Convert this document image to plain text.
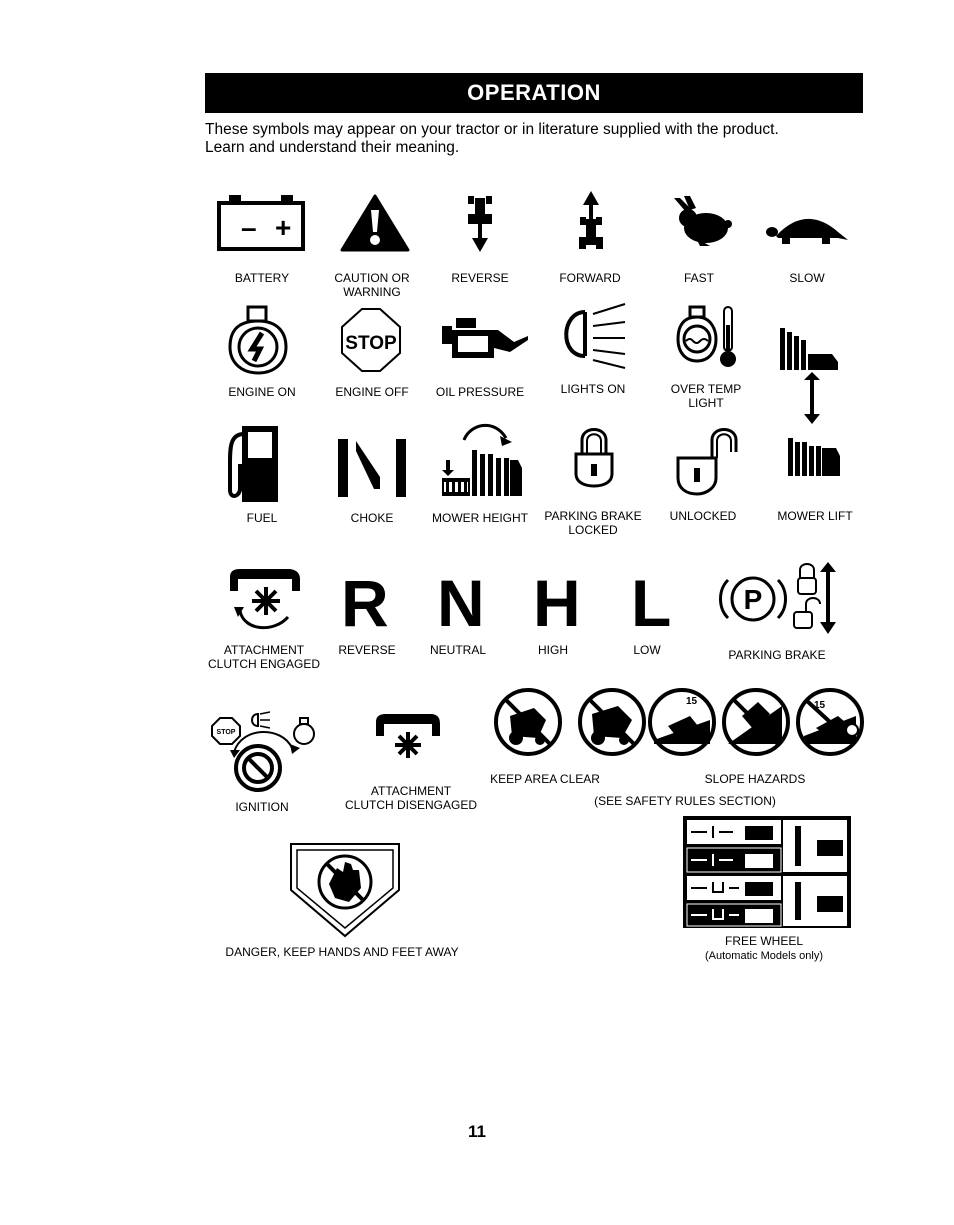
OPERATION
These symbols may appear on your tractor or in literature supplied with the product.
Learn and understand their meaning.
– +
BATTERY	CAUTION OR
WARNING
REVERSE	FORWARD	FAST	SLOW
ENGINE ON
STOP
ENGINE OFF OIL PRESSURE	LIGHTS ON	OVER TEMP
LIGHT
FUEL	CHOKE	MOWER HEIGHT PARKING BRAKE
LOCKED
UNLOCKED	MOWER LIFT
ATTACHMENT
CLUTCH ENGAGED
R
REVERSE
N
NEUTRAL
H
HIGH
L
LOW
P
PARKING BRAKE
STOP
IGNITION
ATTACHMENT
CLUTCH DISENGAGED
15	15
KEEP AREA CLEAR	SLOPE HAZARDS
(SEE SAFETY RULES SECTION)
DANGER, KEEP HANDS AND FEET AWAY
FREE WHEEL
(Automatic Models only)
11
